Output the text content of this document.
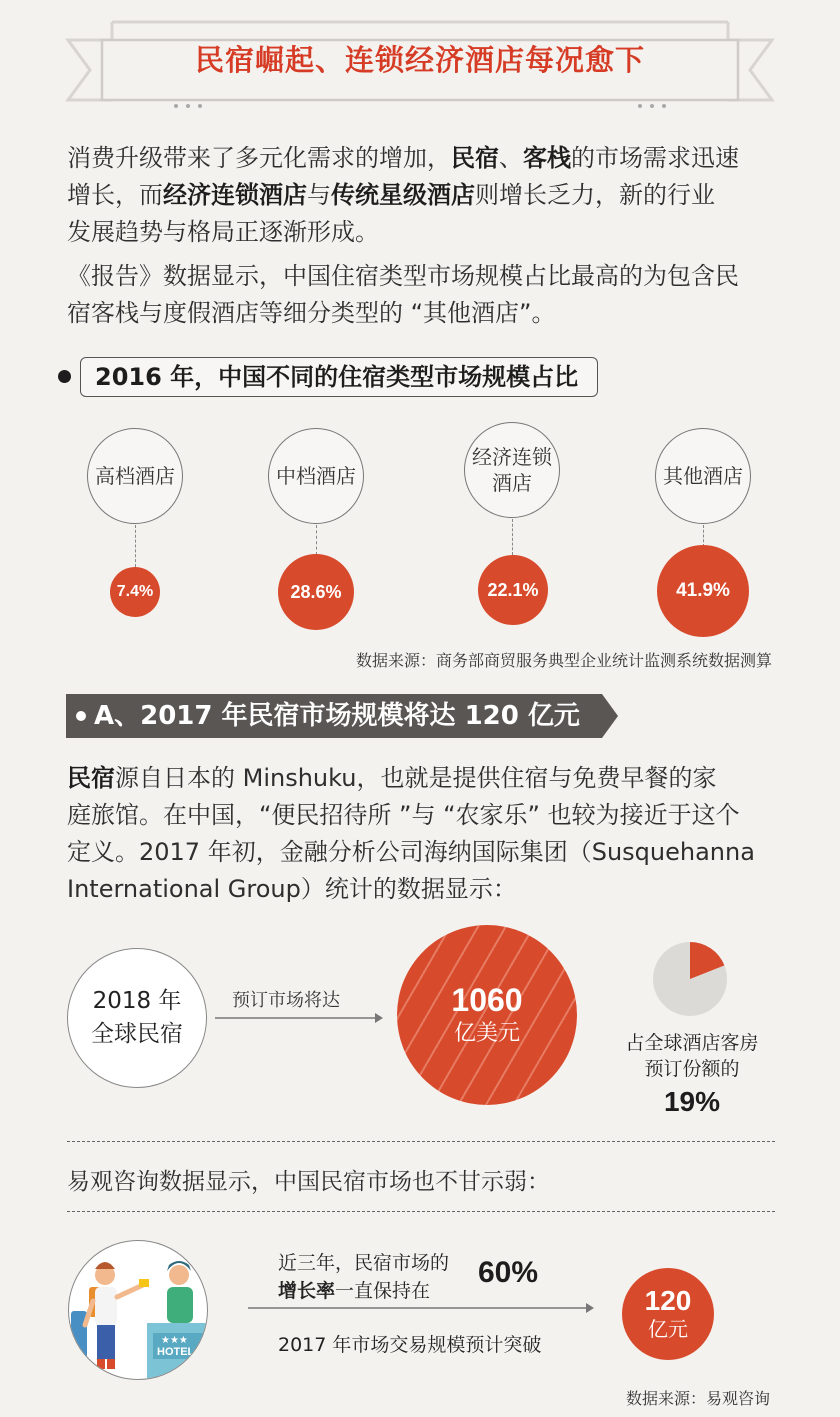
民宿崛起、连锁经济酒店每况愈下
消费升级带来了多元化需求的增加，民宿、客栈的市场需求迅速
增长，而经济连锁酒店与传统星级酒店则增长乏力，新的行业
发展趋势与格局正逐渐形成。
《报告》数据显示，中国住宿类型市场规模占比最高的为包含民
宿客栈与度假酒店等细分类型的 “其他酒店”。
2016 年，中国不同的住宿类型市场规模占比
高档酒店	中档酒店
经济连锁
酒店	其他酒店
7.4%	28.6%	22.1%	41.9%
数据来源：商务部商贸服务典型企业统计监测系统数据测算
A、2017 年民宿市场规模将达 120 亿元
民宿源自日本的 Minshuku，也就是提供住宿与免费早餐的家
庭旅馆。在中国，“便民招待所 ”与 “农家乐” 也较为接近于这个
定义。2017 年初，金融分析公司海纳国际集团（Susquehanna
International Group）统计的数据显示：
2018 年
全球民宿
预订市场将达	1060
亿美元	占全球酒店客房
预订份额的
19%
易观咨询数据显示，中国民宿市场也不甘示弱：
★★★
HOTEL
近三年，民宿市场的
增长率一直保持在
60%
2017 年市场交易规模预计突破
120
亿元
数据来源：易观咨询
